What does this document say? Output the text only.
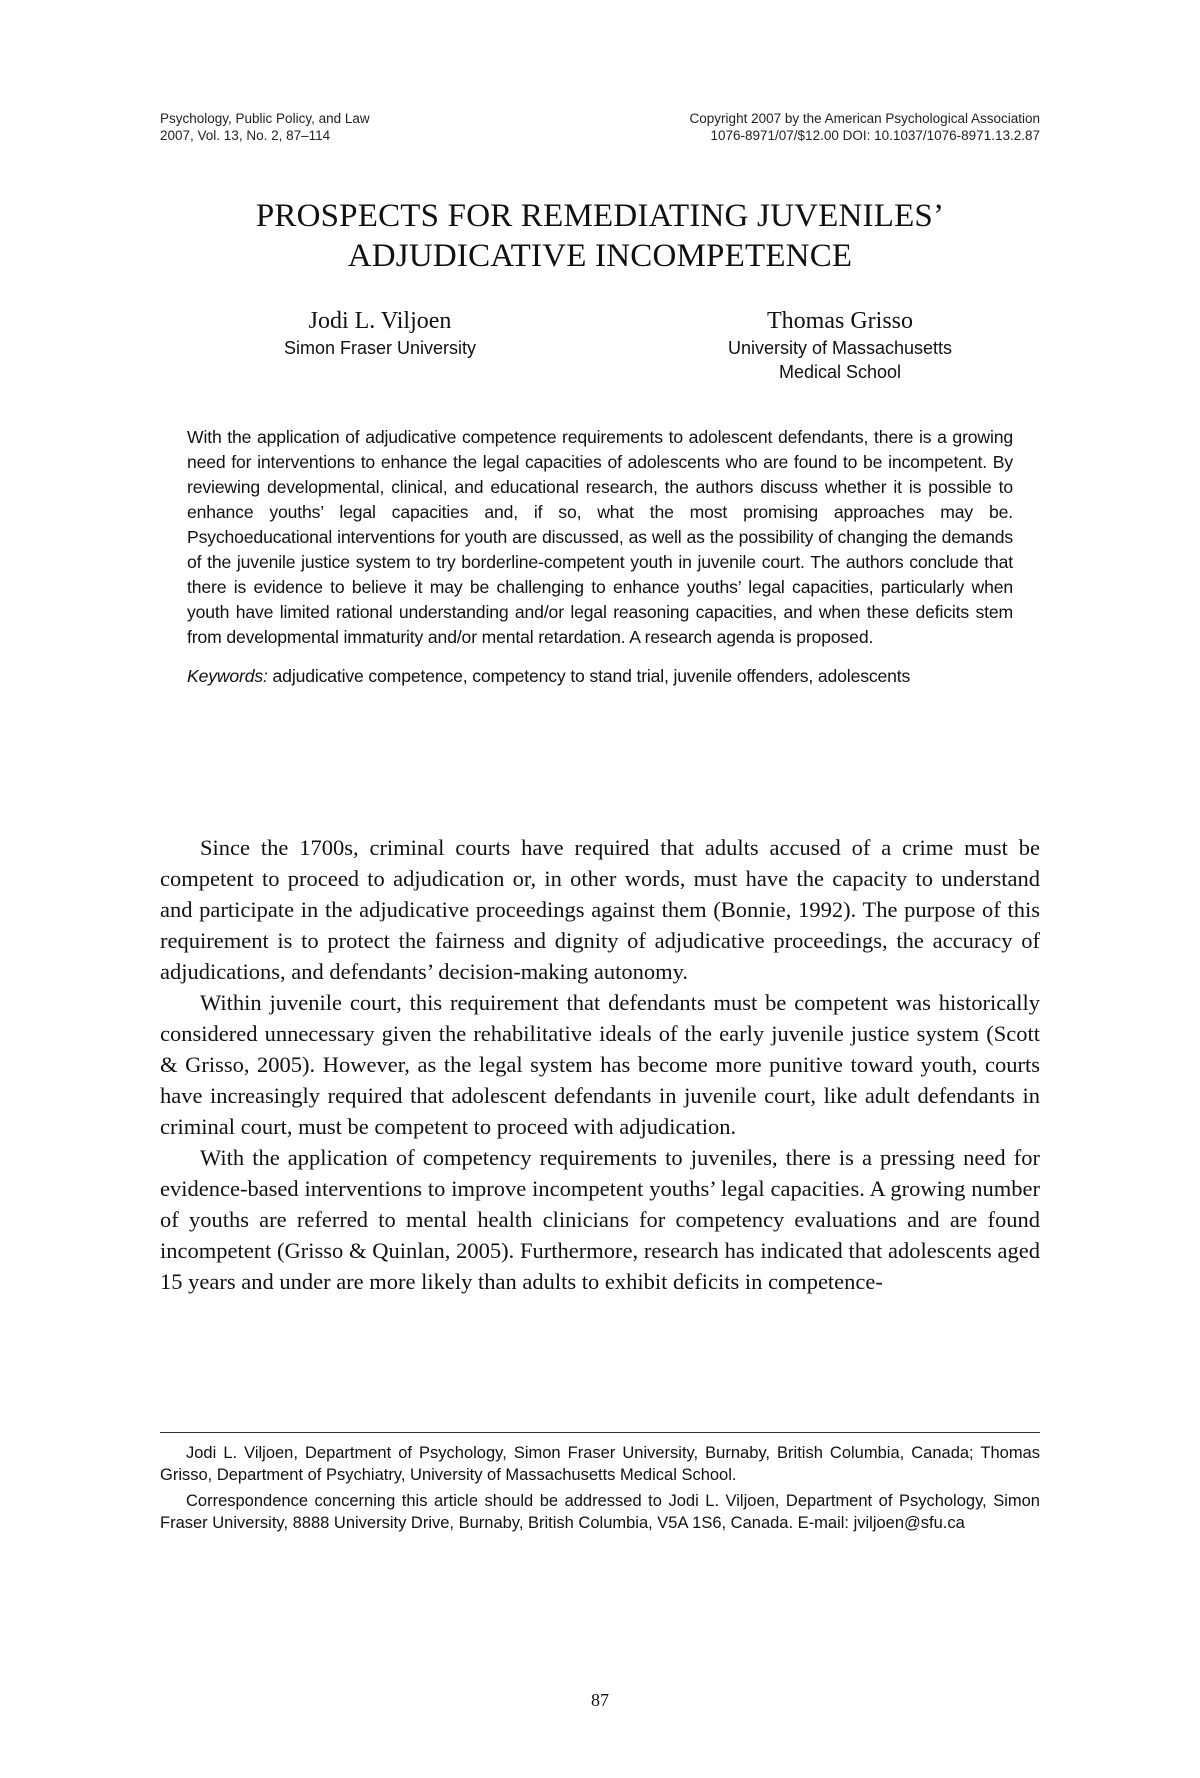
Psychology, Public Policy, and Law
2007, Vol. 13, No. 2, 87–114
Copyright 2007 by the American Psychological Association
1076-8971/07/$12.00 DOI: 10.1037/1076-8971.13.2.87
PROSPECTS FOR REMEDIATING JUVENILES’
ADJUDICATIVE INCOMPETENCE
Jodi L. Viljoen
Simon Fraser University
Thomas Grisso
University of Massachusetts
Medical School

With the application of adjudicative competence requirements to adolescent defendants, there is a growing need for interventions to enhance the legal capacities of adolescents who are found to be incompetent. By reviewing developmental, clinical, and educational research, the authors discuss whether it is possible to enhance youths’ legal capacities and, if so, what the most promising approaches may be. Psychoeducational interventions for youth are discussed, as well as the possibility of changing the demands of the juvenile justice system to try borderline-competent youth in juvenile court. The authors conclude that there is evidence to believe it may be challenging to enhance youths’ legal capacities, particularly when youth have limited rational understanding and/or legal reasoning capacities, and when these deficits stem from developmental immaturity and/or mental retardation. A research agenda is proposed.

Keywords: adjudicative competence, competency to stand trial, juvenile offenders, adolescents

Since the 1700s, criminal courts have required that adults accused of a crime must be competent to proceed to adjudication or, in other words, must have the capacity to understand and participate in the adjudicative proceedings against them (Bonnie, 1992). The purpose of this requirement is to protect the fairness and dignity of adjudicative proceedings, the accuracy of adjudications, and defendants’ decision-making autonomy.

Within juvenile court, this requirement that defendants must be competent was historically considered unnecessary given the rehabilitative ideals of the early juvenile justice system (Scott & Grisso, 2005). However, as the legal system has become more punitive toward youth, courts have increasingly required that adolescent defendants in juvenile court, like adult defendants in criminal court, must be competent to proceed with adjudication.

With the application of competency requirements to juveniles, there is a pressing need for evidence-based interventions to improve incompetent youths’ legal capacities. A growing number of youths are referred to mental health clinicians for competency evaluations and are found incompetent (Grisso & Quinlan, 2005). Furthermore, research has indicated that adolescents aged 15 years and under are more likely than adults to exhibit deficits in competence-

Jodi L. Viljoen, Department of Psychology, Simon Fraser University, Burnaby, British Columbia, Canada; Thomas Grisso, Department of Psychiatry, University of Massachusetts Medical School.

Correspondence concerning this article should be addressed to Jodi L. Viljoen, Department of Psychology, Simon Fraser University, 8888 University Drive, Burnaby, British Columbia, V5A 1S6, Canada. E-mail: jviljoen@sfu.ca

87
